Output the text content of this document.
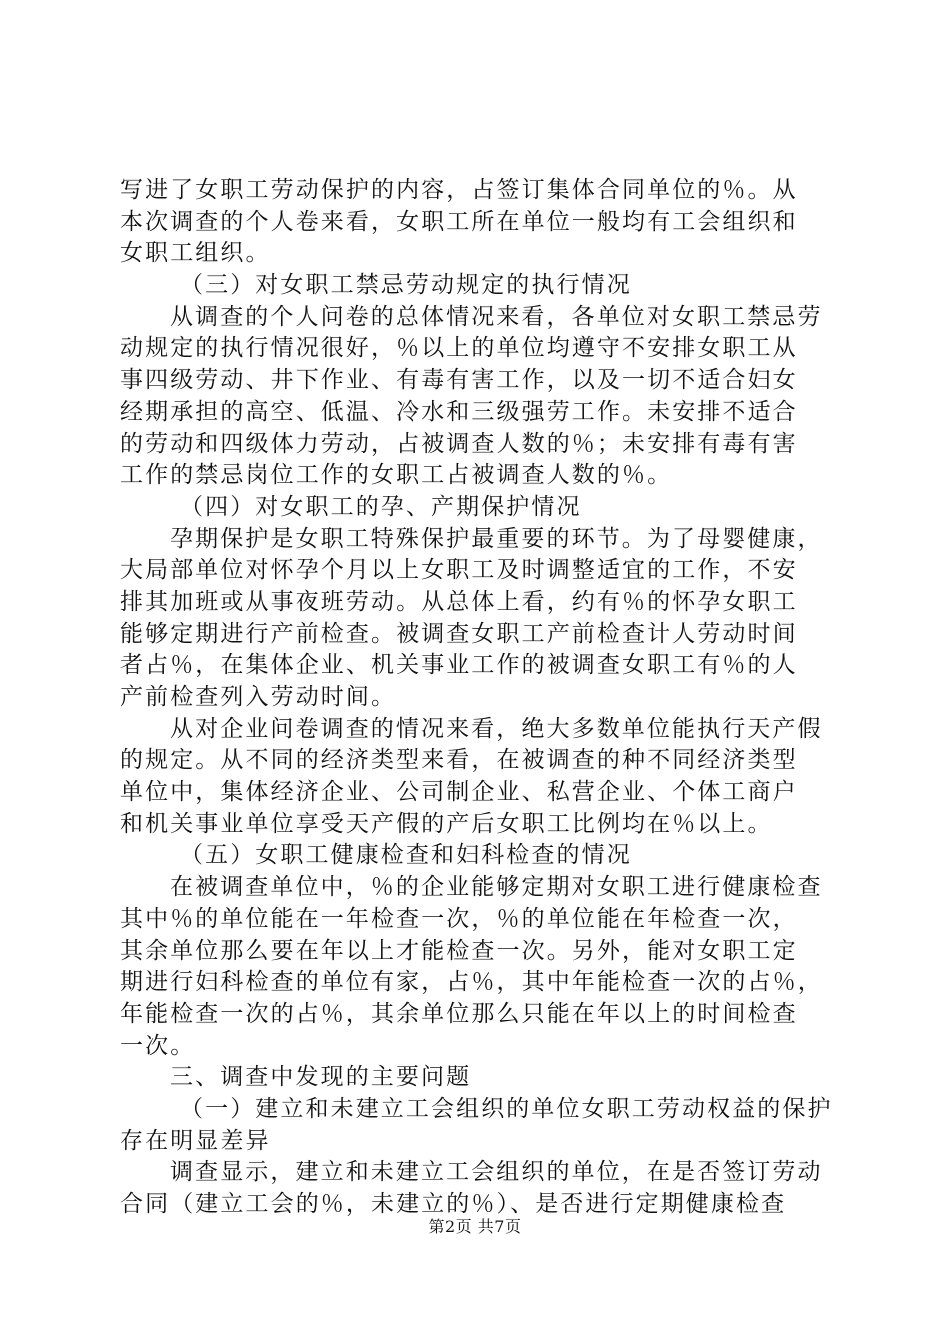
写进了女职工劳动保护的内容，占签订集体合同单位的％。从
本次调查的个人卷来看，女职工所在单位一般均有工会组织和
女职工组织。
（三）对女职工禁忌劳动规定的执行情况
从调查的个人问卷的总体情况来看，各单位对女职工禁忌劳
动规定的执行情况很好，％以上的单位均遵守不安排女职工从
事四级劳动、井下作业、有毒有害工作，以及一切不适合妇女
经期承担的高空、低温、冷水和三级强劳工作。未安排不适合
的劳动和四级体力劳动，占被调查人数的％；未安排有毒有害
工作的禁忌岗位工作的女职工占被调查人数的％。
（四）对女职工的孕、产期保护情况
孕期保护是女职工特殊保护最重要的环节。为了母婴健康，
大局部单位对怀孕个月以上女职工及时调整适宜的工作，不安
排其加班或从事夜班劳动。从总体上看，约有％的怀孕女职工
能够定期进行产前检查。被调查女职工产前检查计人劳动时间
者占％，在集体企业、机关事业工作的被调查女职工有％的人
产前检查列入劳动时间。
从对企业问卷调查的情况来看，绝大多数单位能执行天产假
的规定。从不同的经济类型来看，在被调查的种不同经济类型
单位中，集体经济企业、公司制企业、私营企业、个体工商户
和机关事业单位享受天产假的产后女职工比例均在％以上。
（五）女职工健康检查和妇科检查的情况
在被调查单位中，％的企业能够定期对女职工进行健康检查
其中％的单位能在一年检查一次，％的单位能在年检查一次，
其余单位那么要在年以上才能检查一次。另外，能对女职工定
期进行妇科检查的单位有家，占％，其中年能检查一次的占％，
年能检查一次的占％，其余单位那么只能在年以上的时间检查
一次。
三、调查中发现的主要问题
（一）建立和未建立工会组织的单位女职工劳动权益的保护
存在明显差异
调查显示，建立和未建立工会组织的单位，在是否签订劳动
合同（建立工会的％，未建立的％）、是否进行定期健康检查
第2页 共7页
